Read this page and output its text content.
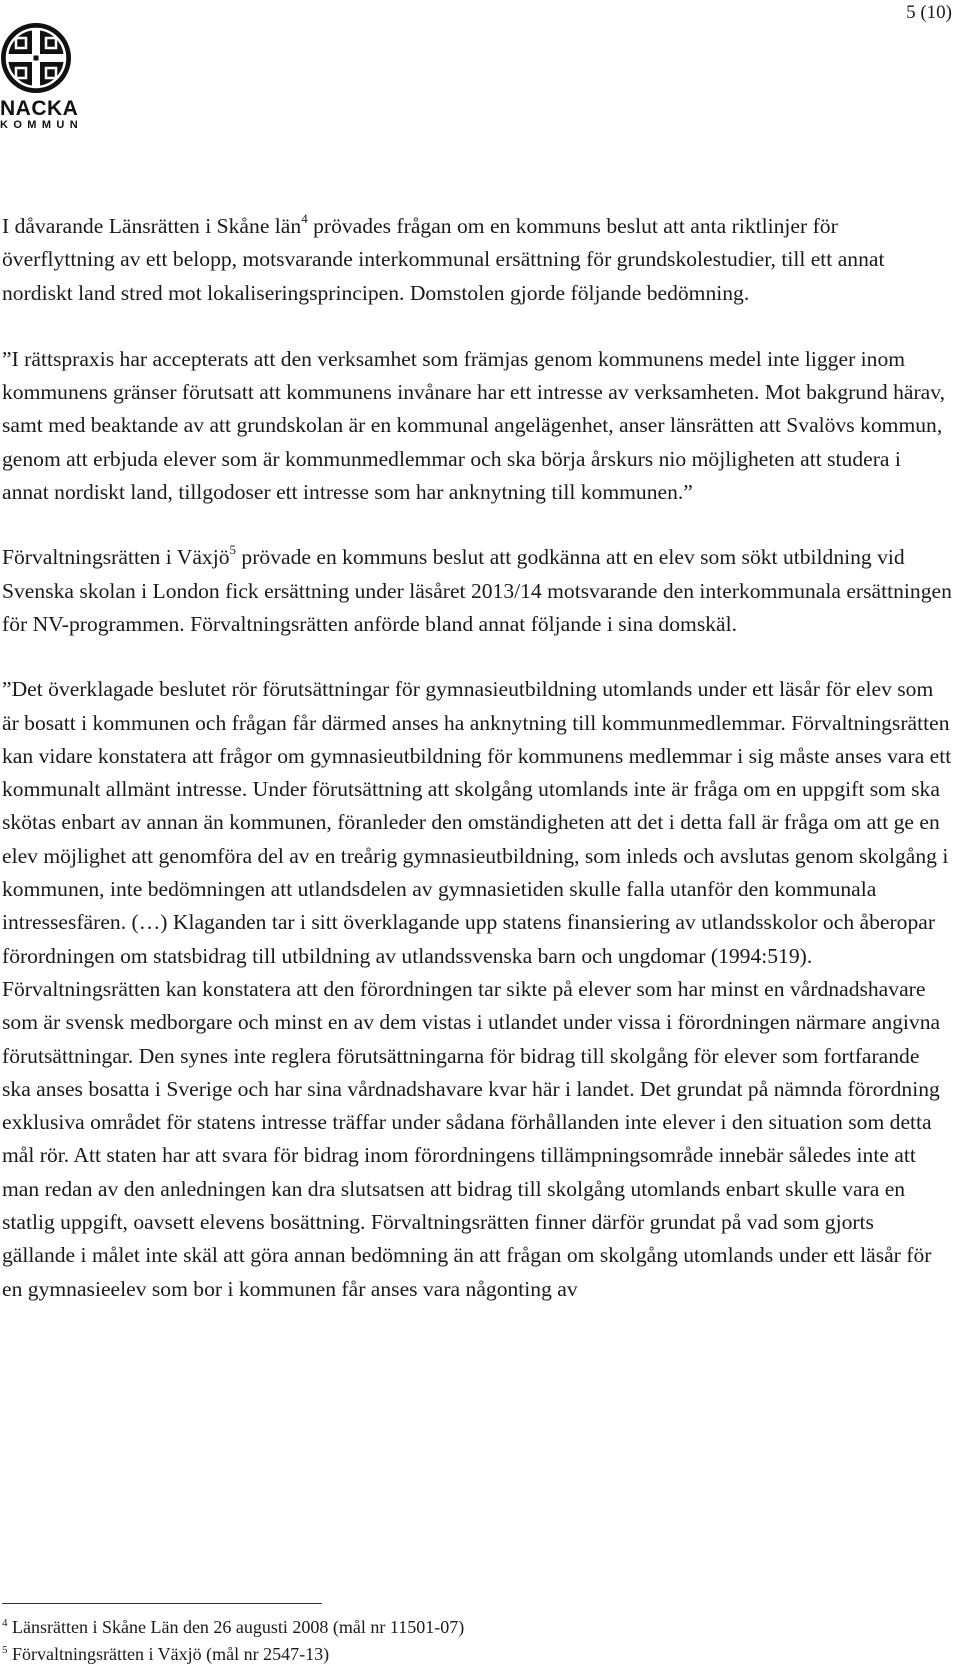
NACKA
KOMMUN
5 (10)

I dåvarande Länsrätten i Skåne län$^4$ prövades frågan om en kommuns beslut att anta riktlinjer för överflyttning av ett belopp, motsvarande interkommunal ersättning för grundskolestudier, till ett annat nordiskt land stred mot lokaliseringsprincipen. Domstolen gjorde följande bedömning.

”I rättspraxis har accepterats att den verksamhet som främjas genom kommunens medel inte ligger inom kommunens gränser förutsatt att kommunens invånare har ett intresse av verksamheten. Mot bakgrund härav, samt med beaktande av att grundskolan är en kommunal angelägenhet, anser länsrätten att Svalövs kommun, genom att erbjuda elever som är kommunmedlemmar och ska börja årskurs nio möjligheten att studera i annat nordiskt land, tillgodoser ett intresse som har anknytning till kommunen.”

Förvaltningsrätten i Växjö$^5$ prövade en kommuns beslut att godkänna att en elev som sökt utbildning vid Svenska skolan i London fick ersättning under läsåret 2013/14 motsvarande den interkommunala ersättningen för NV-programmen. Förvaltningsrätten anförde bland annat följande i sina domskäl.

”Det överklagade beslutet rör förutsättningar för gymnasieutbildning utomlands under ett läsår för elev som är bosatt i kommunen och frågan får därmed anses ha anknytning till kommunmedlemmar. Förvaltningsrätten kan vidare konstatera att frågor om gymnasieutbildning för kommunens medlemmar i sig måste anses vara ett kommunalt allmänt intresse. Under förutsättning att skolgång utomlands inte är fråga om en uppgift som ska skötas enbart av annan än kommunen, föranleder den omständigheten att det i detta fall är fråga om att ge en elev möjlighet att genomföra del av en treårig gymnasieutbildning, som inleds och avslutas genom skolgång i kommunen, inte bedömningen att utlandsdelen av gymnasietiden skulle falla utanför den kommunala intressesfären. (…) Klaganden tar i sitt överklagande upp statens finansiering av utlandsskolor och åberopar förordningen om statsbidrag till utbildning av utlandssvenska barn och ungdomar (1994:519). Förvaltningsrätten kan konstatera att den förordningen tar sikte på elever som har minst en vårdnadshavare som är svensk medborgare och minst en av dem vistas i utlandet under vissa i förordningen närmare angivna förutsättningar. Den synes inte reglera förutsättningarna för bidrag till skolgång för elever som fortfarande ska anses bosatta i Sverige och har sina vårdnadshavare kvar här i landet. Det grundat på nämnda förordning exklusiva området för statens intresse träffar under sådana förhållanden inte elever i den situation som detta mål rör. Att staten har att svara för bidrag inom förordningens tillämpningsområde innebär således inte att man redan av den anledningen kan dra slutsatsen att bidrag till skolgång utomlands enbart skulle vara en statlig uppgift, oavsett elevens bosättning. Förvaltningsrätten finner därför grundat på vad som gjorts gällande i målet inte skäl att göra annan bedömning än att frågan om skolgång utomlands under ett läsår för en gymnasieelev som bor i kommunen får anses vara någonting av

$^4$ Länsrätten i Skåne Län den 26 augusti 2008 (mål nr 11501-07)
$^5$ Förvaltningsrätten i Växjö (mål nr 2547-13)
